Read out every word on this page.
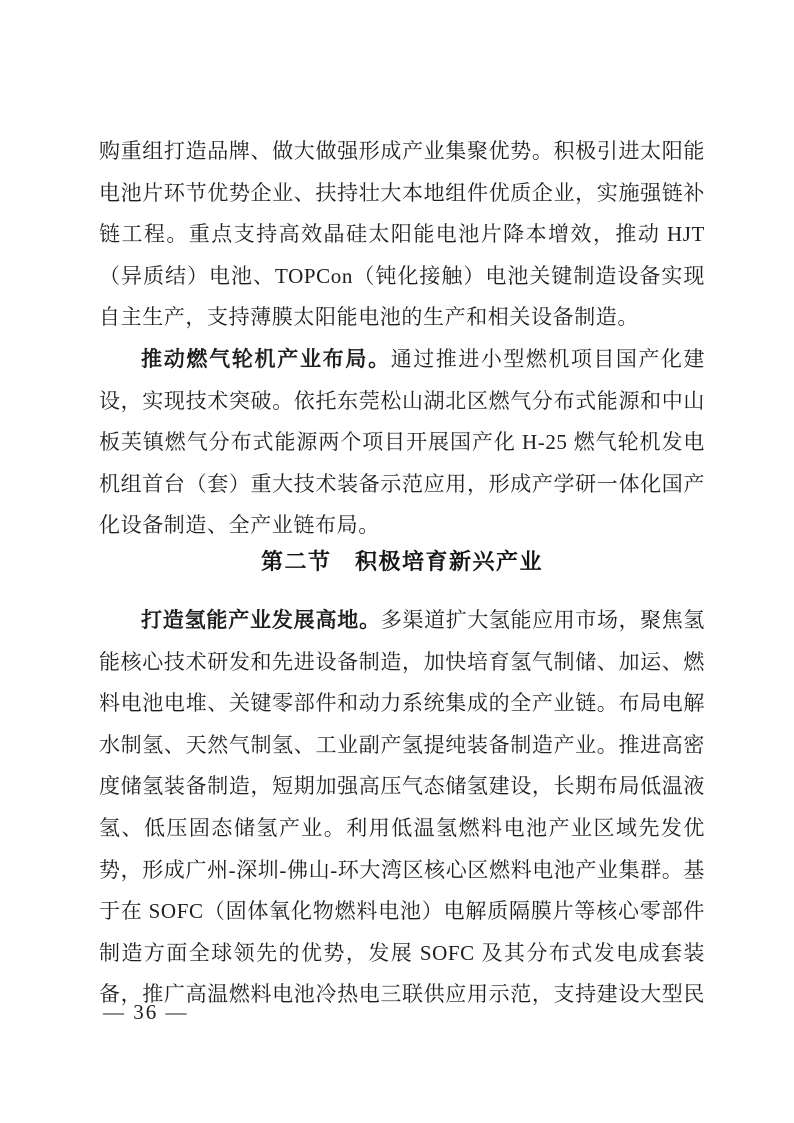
购重组打造品牌、做大做强形成产业集聚优势。积极引进太阳能电池片环节优势企业、扶持壮大本地组件优质企业，实施强链补链工程。重点支持高效晶硅太阳能电池片降本增效，推动 HJT（异质结）电池、TOPCon（钝化接触）电池关键制造设备实现自主生产，支持薄膜太阳能电池的生产和相关设备制造。

推动燃气轮机产业布局。通过推进小型燃机项目国产化建设，实现技术突破。依托东莞松山湖北区燃气分布式能源和中山板芙镇燃气分布式能源两个项目开展国产化 H-25 燃气轮机发电机组首台（套）重大技术装备示范应用，形成产学研一体化国产化设备制造、全产业链布局。

第二节　积极培育新兴产业

打造氢能产业发展高地。多渠道扩大氢能应用市场，聚焦氢能核心技术研发和先进设备制造，加快培育氢气制储、加运、燃料电池电堆、关键零部件和动力系统集成的全产业链。布局电解水制氢、天然气制氢、工业副产氢提纯装备制造产业。推进高密度储氢装备制造，短期加强高压气态储氢建设，长期布局低温液氢、低压固态储氢产业。利用低温氢燃料电池产业区域先发优势，形成广州-深圳-佛山-环大湾区核心区燃料电池产业集群。基于在 SOFC（固体氧化物燃料电池）电解质隔膜片等核心零部件制造方面全球领先的优势，发展 SOFC 及其分布式发电成套装备，推广高温燃料电池冷热电三联供应用示范，支持建设大型民

— 36 —
